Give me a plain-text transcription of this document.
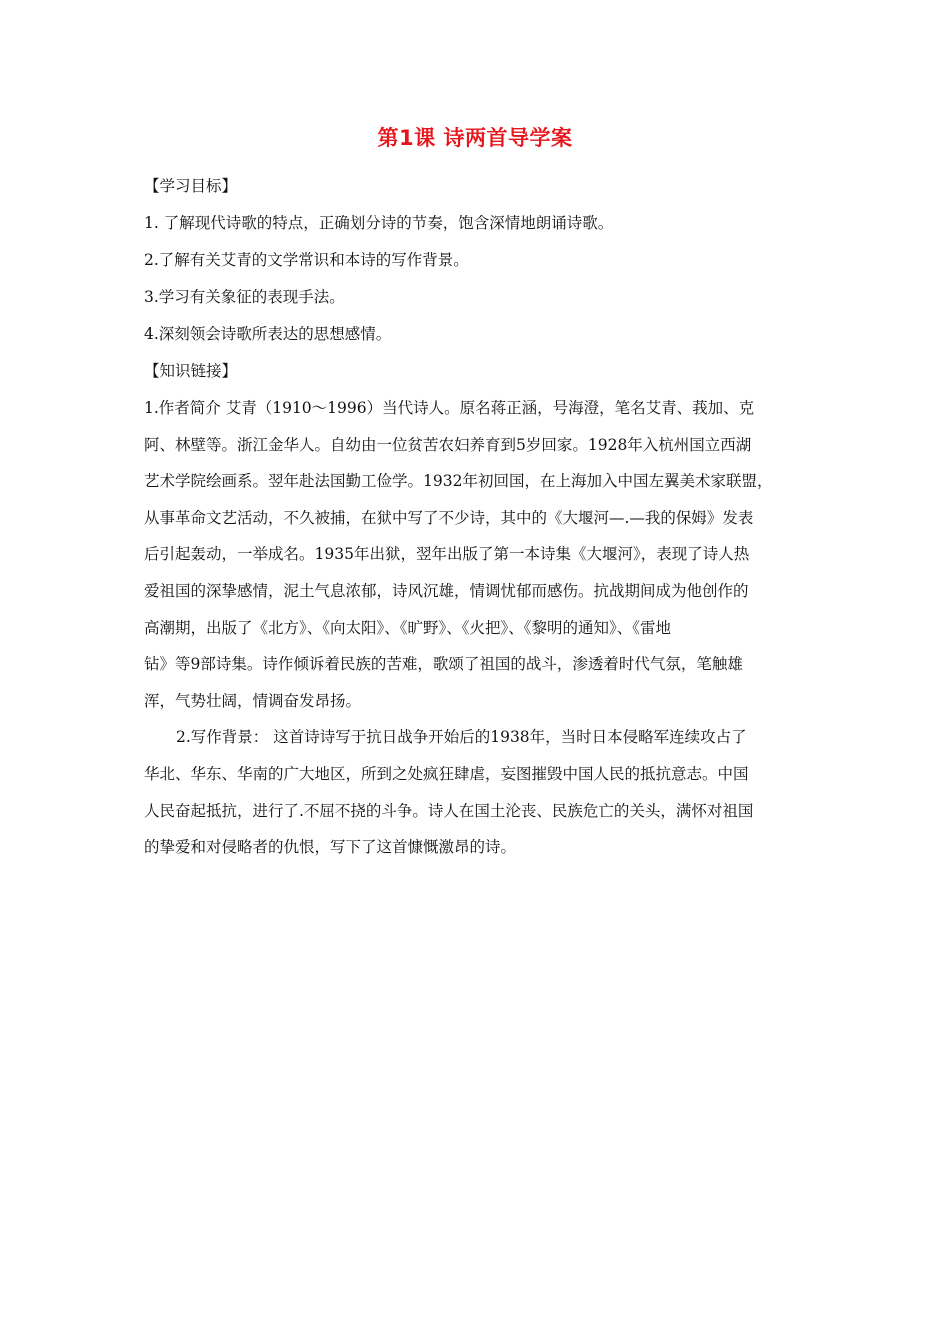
第1课 诗两首导学案
【学习目标】
1. 了解现代诗歌的特点，正确划分诗的节奏，饱含深情地朗诵诗歌。
2.了解有关艾青的文学常识和本诗的写作背景。
3.学习有关象征的表现手法。
4.深刻领会诗歌所表达的思想感情。
【知识链接】
1.作者简介 艾青（1910～1996）当代诗人。原名蒋正涵，号海澄，笔名艾青、莪加、克
阿、林壁等。浙江金华人。自幼由一位贫苦农妇养育到5岁回家。1928年入杭州国立西湖
艺术学院绘画系。翌年赴法国勤工俭学。1932年初回国，在上海加入中国左翼美术家联盟，
从事革命文艺活动，不久被捕，在狱中写了不少诗，其中的《大堰河—.—我的保姆》发表
后引起轰动，一举成名。1935年出狱，翌年出版了第一本诗集《大堰河》，表现了诗人热
爱祖国的深挚感情，泥土气息浓郁，诗风沉雄，情调忧郁而感伤。抗战期间成为他创作的
高潮期，出版了《北方》、《向太阳》、《旷野》、《火把》、《黎明的通知》、《雷地
钻》等9部诗集。诗作倾诉着民族的苦难，歌颂了祖国的战斗，渗透着时代气氛，笔触雄
浑，气势壮阔，情调奋发昂扬。
2.写作背景： 这首诗诗写于抗日战争开始后的1938年，当时日本侵略军连续攻占了
华北、华东、华南的广大地区，所到之处疯狂肆虐，妄图摧毁中国人民的抵抗意志。中国
人民奋起抵抗，进行了.不屈不挠的斗争。诗人在国土沦丧、民族危亡的关头，满怀对祖国
的挚爱和对侵略者的仇恨，写下了这首慷慨激昂的诗。
